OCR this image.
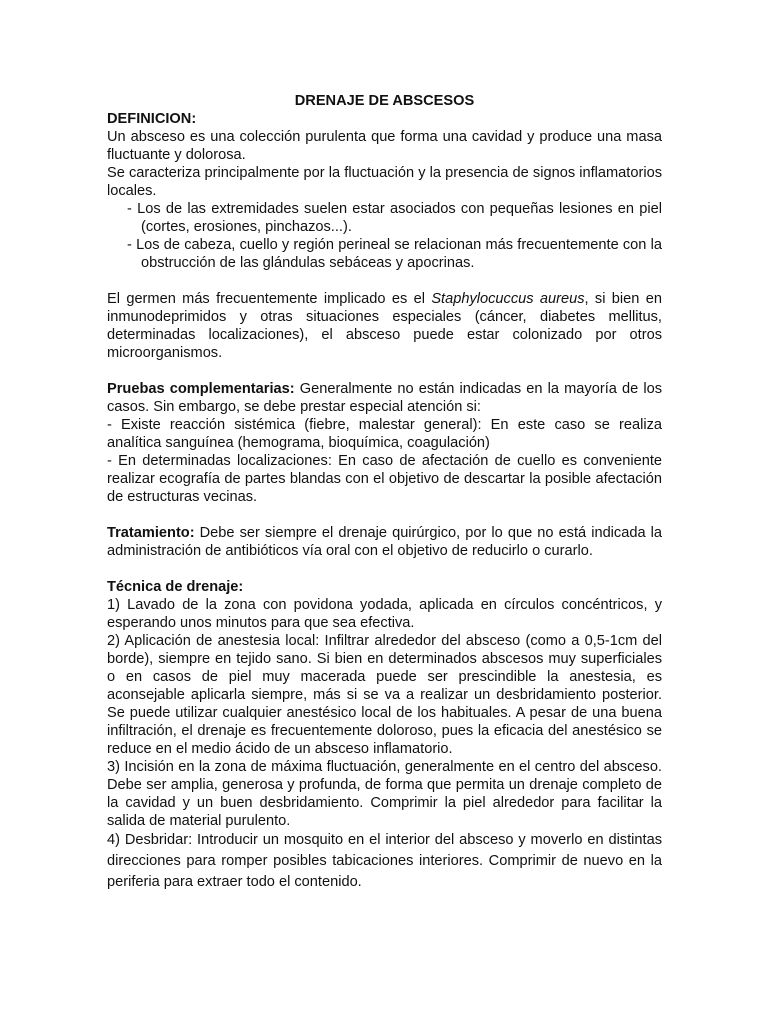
DRENAJE DE ABSCESOS

DEFINICION:

Un absceso es una colección purulenta que forma una cavidad y produce una masa fluctuante y dolorosa.

Se caracteriza principalmente por la fluctuación y la presencia de signos inflamatorios locales.

- Los de las extremidades suelen estar asociados con pequeñas lesiones en piel (cortes, erosiones, pinchazos...).

- Los de cabeza, cuello y región perineal se relacionan más frecuentemente con la obstrucción de las glándulas sebáceas y apocrinas.

El germen más frecuentemente implicado es el Staphylocuccus aureus, si bien en inmunodeprimidos y otras situaciones especiales (cáncer, diabetes mellitus, determinadas localizaciones), el absceso puede estar colonizado por otros microorganismos.

Pruebas complementarias: Generalmente no están indicadas en la mayoría de los casos. Sin embargo, se debe prestar especial atención si:

- Existe reacción sistémica (fiebre, malestar general): En este caso se realiza analítica sanguínea (hemograma, bioquímica, coagulación)

- En determinadas localizaciones: En caso de afectación de cuello es conveniente realizar ecografía de partes blandas con el objetivo de descartar la posible afectación de estructuras vecinas.

Tratamiento: Debe ser siempre el drenaje quirúrgico, por lo que no está indicada la administración de antibióticos vía oral con el objetivo de reducirlo o curarlo.

Técnica de drenaje:

1) Lavado de la zona con povidona yodada, aplicada en círculos concéntricos, y esperando unos minutos para que sea efectiva.

2) Aplicación de anestesia local: Infiltrar alrededor del absceso (como a 0,5-1cm del borde), siempre en tejido sano. Si bien en determinados abscesos muy superficiales o en casos de piel muy macerada puede ser prescindible la anestesia, es aconsejable aplicarla siempre, más si se va a realizar un desbridamiento posterior. Se puede utilizar cualquier anestésico local de los habituales. A pesar de una buena infiltración, el drenaje es frecuentemente doloroso, pues la eficacia del anestésico se reduce en el medio ácido de un absceso inflamatorio.

3) Incisión en la zona de máxima fluctuación, generalmente en el centro del absceso. Debe ser amplia, generosa y profunda, de forma que permita un drenaje completo de la cavidad y un buen desbridamiento. Comprimir la piel alrededor para facilitar la salida de material purulento.

4) Desbridar: Introducir un mosquito en el interior del absceso y moverlo en distintas direcciones para romper posibles tabicaciones interiores. Comprimir de nuevo en la periferia para extraer todo el contenido.
